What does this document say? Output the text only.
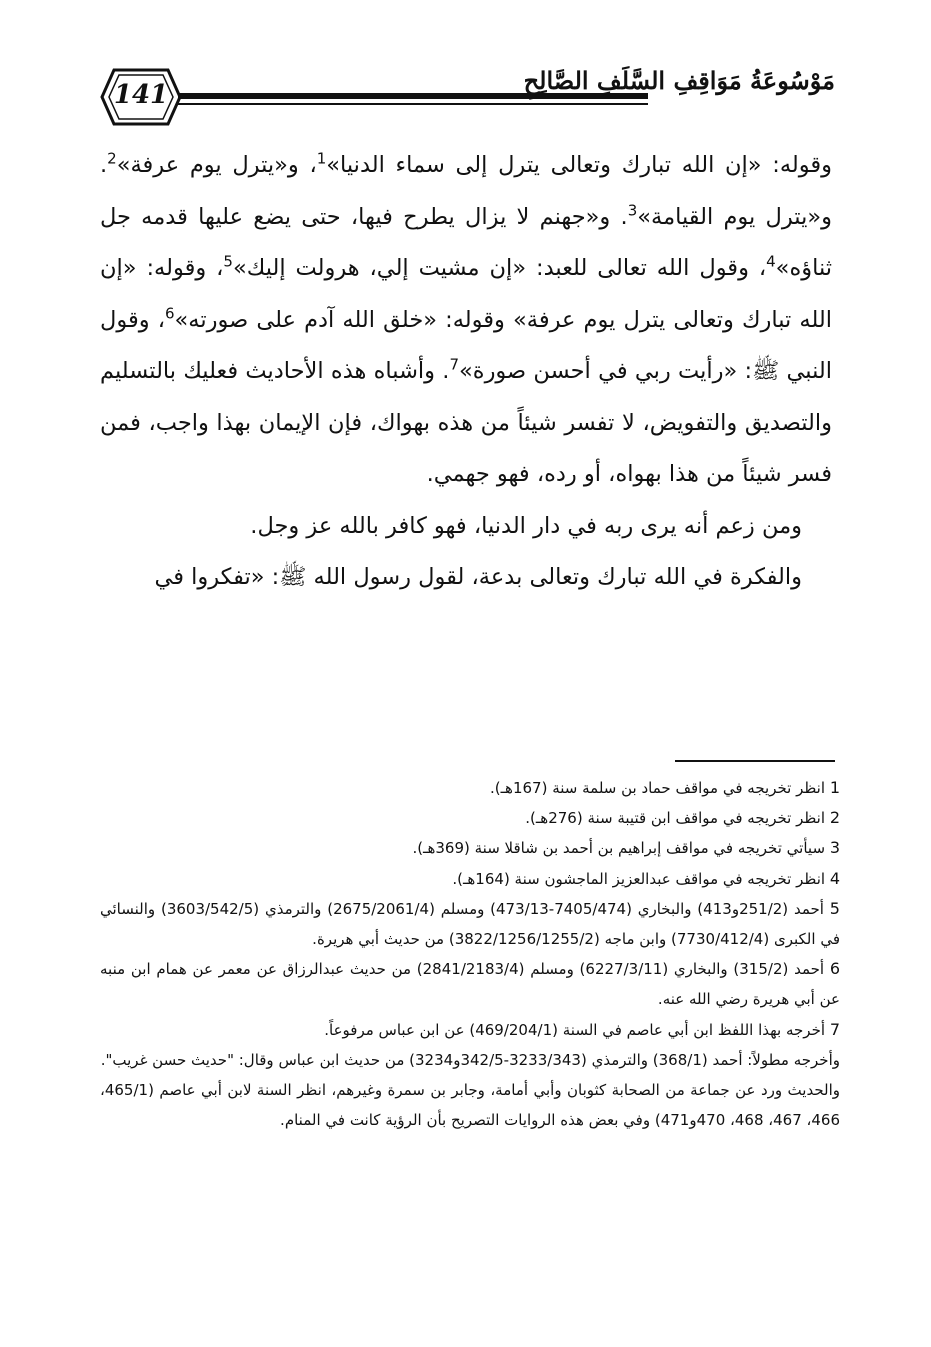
141	مَوْسُوعَةُ مَوَاقِفِ السَّلَفِ الصَّالِحِ

وقوله: «إن الله تبارك وتعالى يترل إلى سماء الدنيا»$^1$، و«يترل يوم عرفة»$^2$. و«يترل يوم القيامة»$^3$. و«جهنم لا يزال يطرح فيها، حتى يضع عليها قدمه جل ثناؤه»$^4$، وقول الله تعالى للعبد: «إن مشيت إلي، هرولت إليك»$^5$، وقوله: «إن الله تبارك وتعالى يترل يوم عرفة» وقوله: «خلق الله آدم على صورته»$^6$، وقول النبي ﷺ: «رأيت ربي في أحسن صورة»$^7$. وأشباه هذه الأحاديث فعليك بالتسليم والتصديق والتفويض، لا تفسر شيئاً من هذه بهواك، فإن الإيمان بهذا واجب، فمن فسر شيئاً من هذا بهواه، أو رده، فهو جهمي.

ومن زعم أنه يرى ربه في دار الدنيا، فهو كافر بالله عز وجل.

والفكرة في الله تبارك وتعالى بدعة، لقول رسول الله ﷺ: «تفكروا في

1 انظر تخريجه في مواقف حماد بن سلمة سنة (167هـ).

2 انظر تخريجه في مواقف ابن قتيبة سنة (276هـ).

3 سيأتي تخريجه في مواقف إبراهيم بن أحمد بن شاقلا سنة (369هـ).

4 انظر تخريجه في مواقف عبدالعزيز الماجشون سنة (164هـ).

5 أحمد (251/2و413) والبخاري (7405/474-473/13) ومسلم (2675/2061/4) والترمذي (3603/542/5) والنسائي في الكبرى (7730/412/4) وابن ماجه (3822/1256/1255/2) من حديث أبي هريرة.

6 أحمد (315/2) والبخاري (6227/3/11) ومسلم (2841/2183/4) من حديث عبدالرزاق عن معمر عن همام ابن منبه عن أبي هريرة رضي الله عنه.

7 أخرجه بهذا اللفظ ابن أبي عاصم في السنة (469/204/1) عن ابن عباس مرفوعاً.

وأخرجه مطولاً: أحمد (368/1) والترمذي (3233/343-342/5و3234) من حديث ابن عباس وقال: "حديث حسن غريب".

والحديث ورد عن جماعة من الصحابة كثوبان وأبي أمامة، وجابر بن سمرة وغيرهم، انظر السنة لابن أبي عاصم (465/1، 466، 467، 468، 470و471) وفي بعض هذه الروايات التصريح بأن الرؤية كانت في المنام.
